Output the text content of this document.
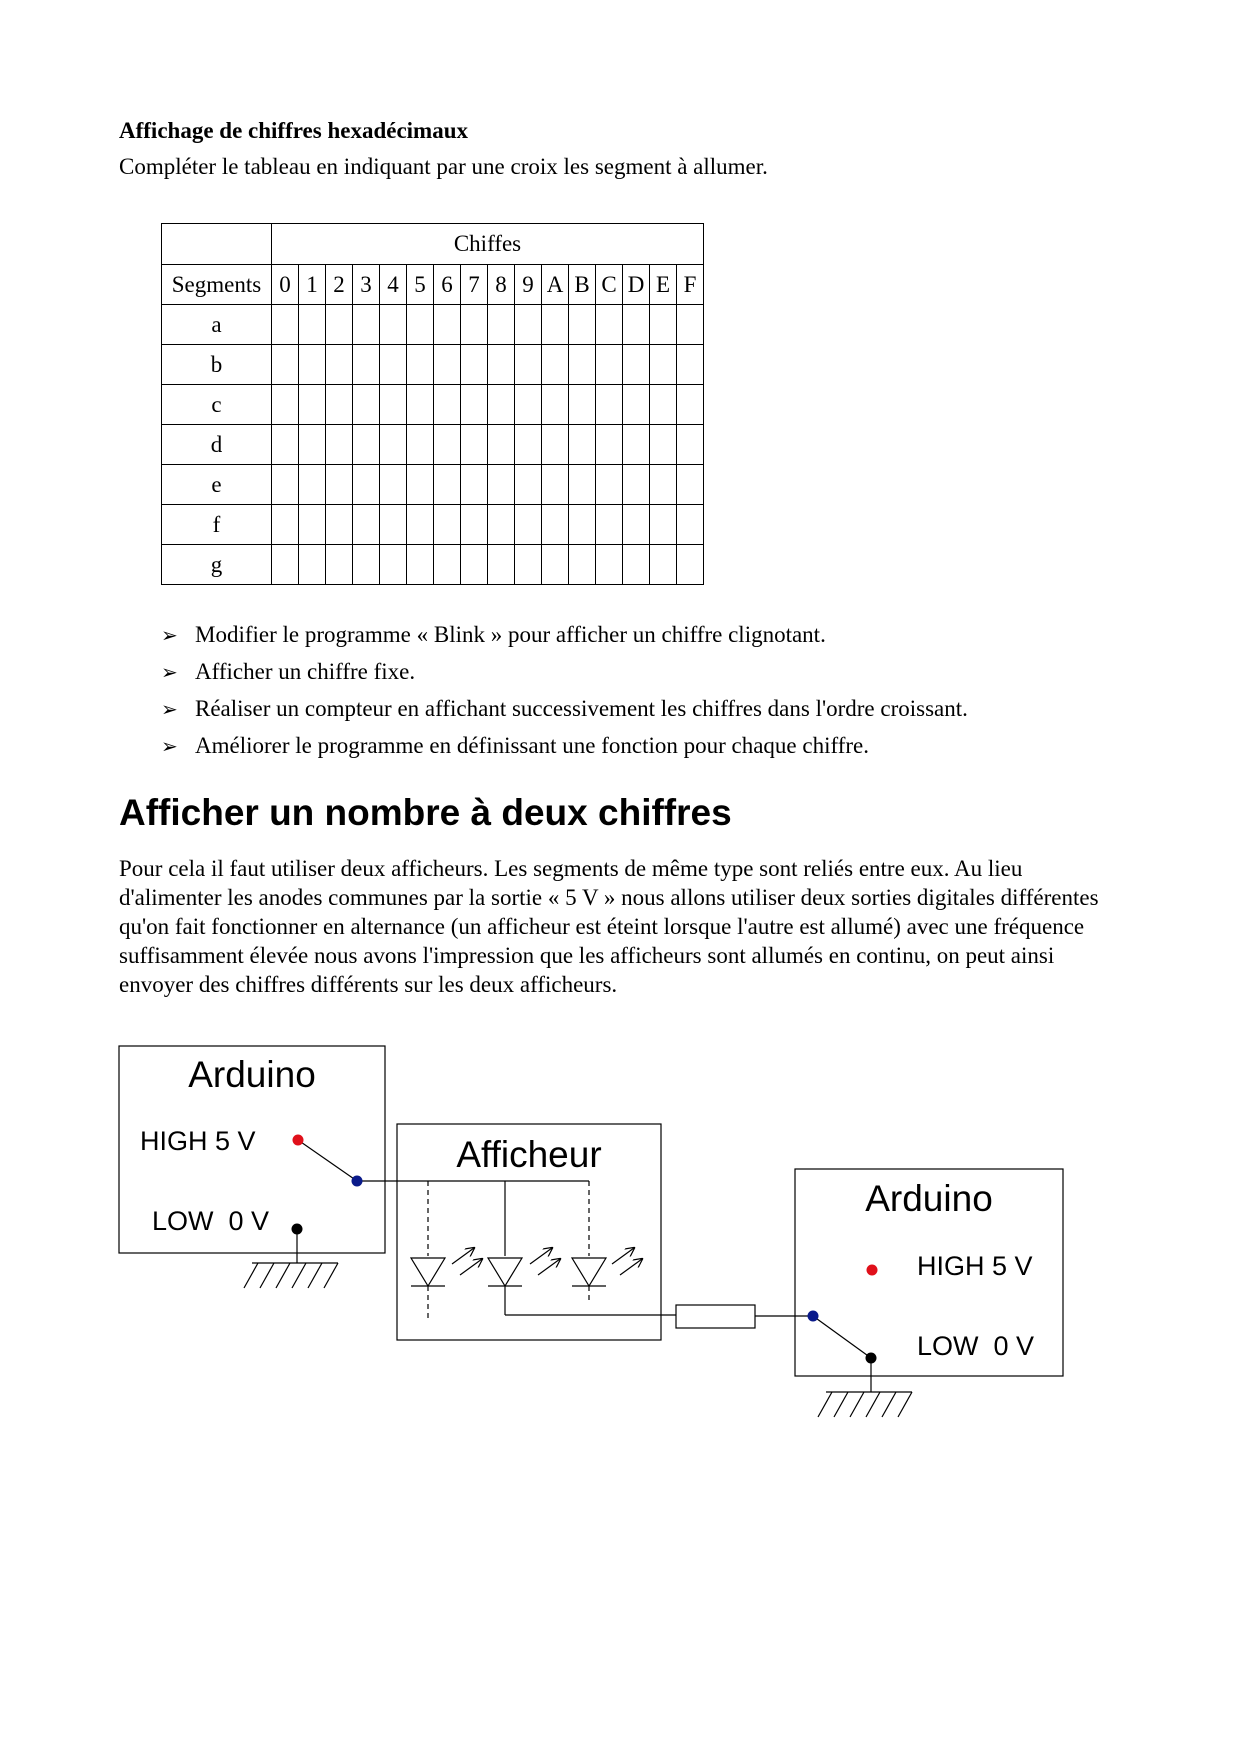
Affichage de chiffres hexadécimaux
Compléter le tableau en indiquant par une croix les segment à allumer.
	Chiffes															
Segments	0	1	2	3	4	5	6	7	8	9	A	B	C	D	E	F
a																
b																
c																
d																
e																
f																
g																
➢ Modifier le programme « Blink » pour afficher un chiffre clignotant.
➢ Afficher un chiffre fixe.
➢ Réaliser un compteur en affichant successivement les chiffres dans l'ordre croissant.
➢ Améliorer le programme en définissant une fonction pour chaque chiffre.
Afficher un nombre à deux chiffres
Pour cela il faut utiliser deux afficheurs. Les segments de même type sont reliés entre eux. Au lieu d'alimenter les anodes communes par la sortie « 5 V » nous allons utiliser deux sorties digitales différentes qu'on fait fonctionner en alternance (un afficheur est éteint lorsque l'autre est allumé) avec une fréquence suffisamment élevée nous avons l'impression que les afficheurs sont allumés en continu, on peut ainsi envoyer des chiffres différents sur les deux afficheurs.
Arduino
HIGH 5 V
LOW  0 V
Afficheur
Arduino
HIGH 5 V
LOW  0 V
